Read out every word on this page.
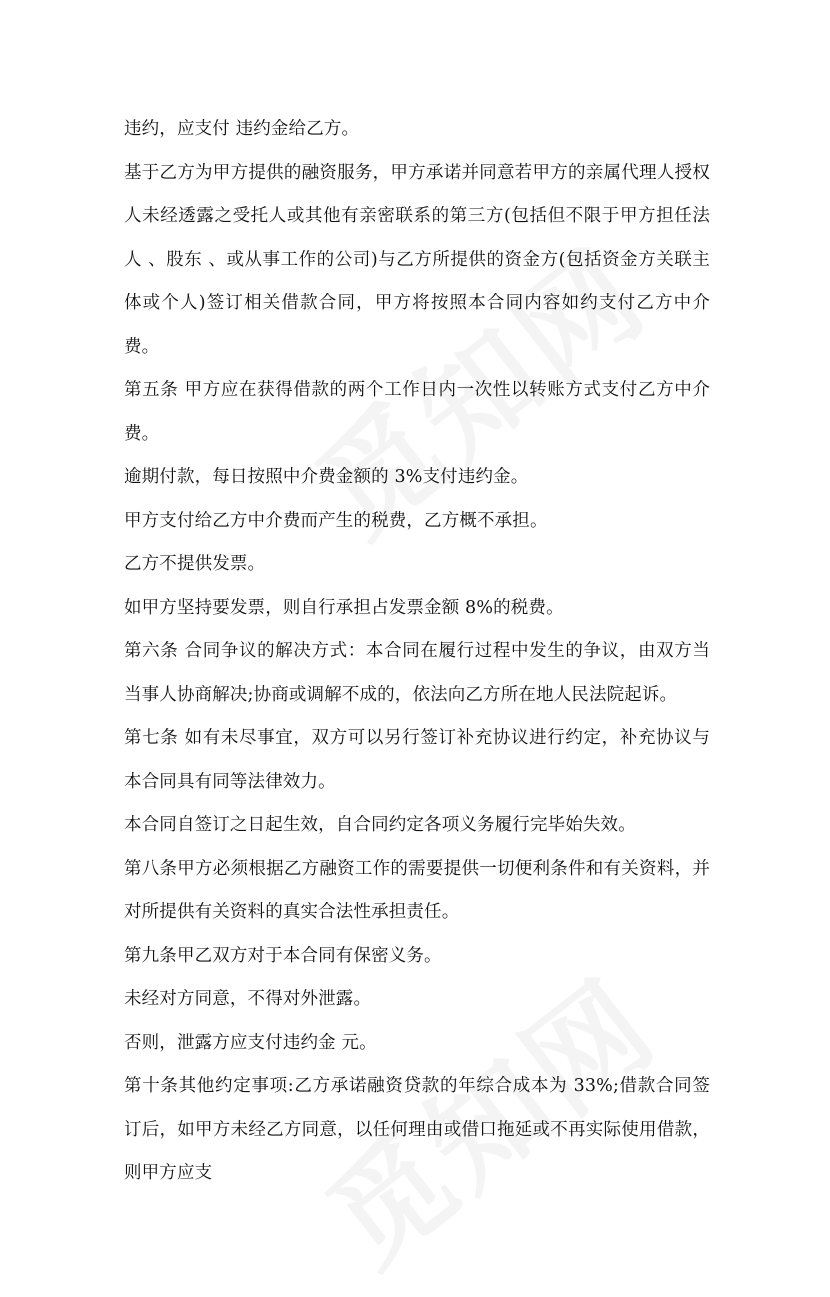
违约，应支付 违约金给乙方。

基于乙方为甲方提供的融资服务，甲方承诺并同意若甲方的亲属代理人授权人未经透露之受托人或其他有亲密联系的第三方(包括但不限于甲方担任法人 、股东 、或从事工作的公司)与乙方所提供的资金方(包括资金方关联主体或个人)签订相关借款合同，甲方将按照本合同内容如约支付乙方中介费。

第五条 甲方应在获得借款的两个工作日内一次性以转账方式支付乙方中介费。

逾期付款，每日按照中介费金额的 3%支付违约金。

甲方支付给乙方中介费而产生的税费，乙方概不承担。

乙方不提供发票。

如甲方坚持要发票，则自行承担占发票金额 8%的税费。

第六条 合同争议的解决方式：本合同在履行过程中发生的争议，由双方当当事人协商解决;协商或调解不成的，依法向乙方所在地人民法院起诉。

第七条 如有未尽事宜，双方可以另行签订补充协议进行约定，补充协议与本合同具有同等法律效力。

本合同自签订之日起生效，自合同约定各项义务履行完毕始失效。

第八条甲方必须根据乙方融资工作的需要提供一切便利条件和有关资料，并对所提供有关资料的真实合法性承担责任。

第九条甲乙双方对于本合同有保密义务。

未经对方同意，不得对外泄露。

否则，泄露方应支付违约金 元。

第十条其他约定事项:乙方承诺融资贷款的年综合成本为 33%;借款合同签订后，如甲方未经乙方同意，以任何理由或借口拖延或不再实际使用借款，则甲方应支
